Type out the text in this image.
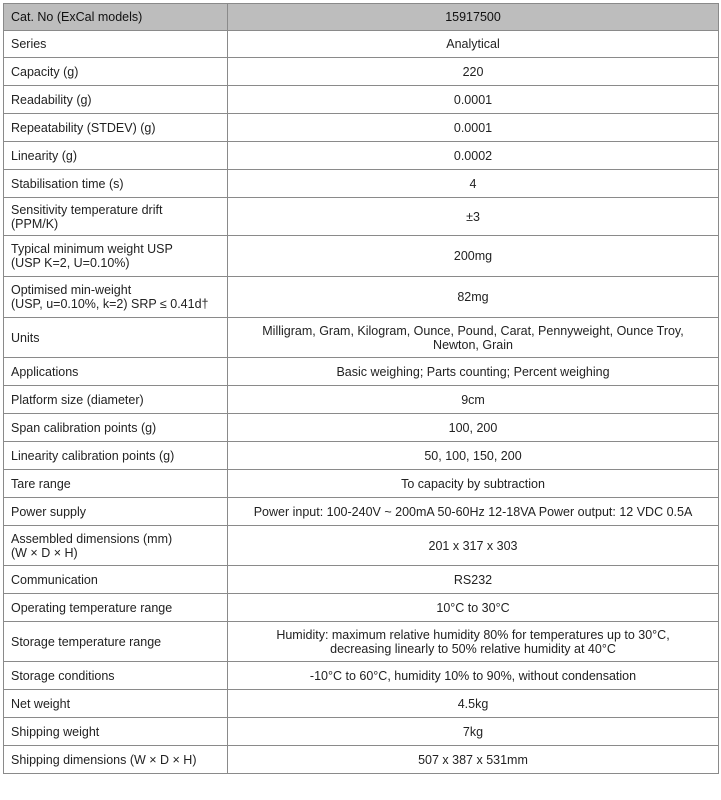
Cat. No (ExCal models)	15917500
Series	Analytical
Capacity (g)	220
Readability (g)	0.0001
Repeatability (STDEV) (g)	0.0001
Linearity (g)	0.0002
Stabilisation time (s)	4
Sensitivity temperature drift
(PPM/K)	±3
Typical minimum weight USP
(USP K=2, U=0.10%)	200mg
Optimised min-weight
(USP, u=0.10%, k=2) SRP ≤ 0.41d†	82mg
Units	Milligram, Gram, Kilogram, Ounce, Pound, Carat, Pennyweight, Ounce Troy,
Newton, Grain
Applications	Basic weighing; Parts counting; Percent weighing
Platform size (diameter)	9cm
Span calibration points (g)	100, 200
Linearity calibration points (g)	50, 100, 150, 200
Tare range	To capacity by subtraction
Power supply	Power input: 100-240V ~ 200mA 50-60Hz 12-18VA Power output: 12 VDC 0.5A
Assembled dimensions (mm)
(W × D × H)	201 x 317 x 303
Communication	RS232
Operating temperature range	10°C to 30°C
Storage temperature range	Humidity: maximum relative humidity 80% for temperatures up to 30°C,
decreasing linearly to 50% relative humidity at 40°C
Storage conditions	-10°C to 60°C, humidity 10% to 90%, without condensation
Net weight	4.5kg
Shipping weight	7kg
Shipping dimensions (W × D × H)	507 x 387 x 531mm
